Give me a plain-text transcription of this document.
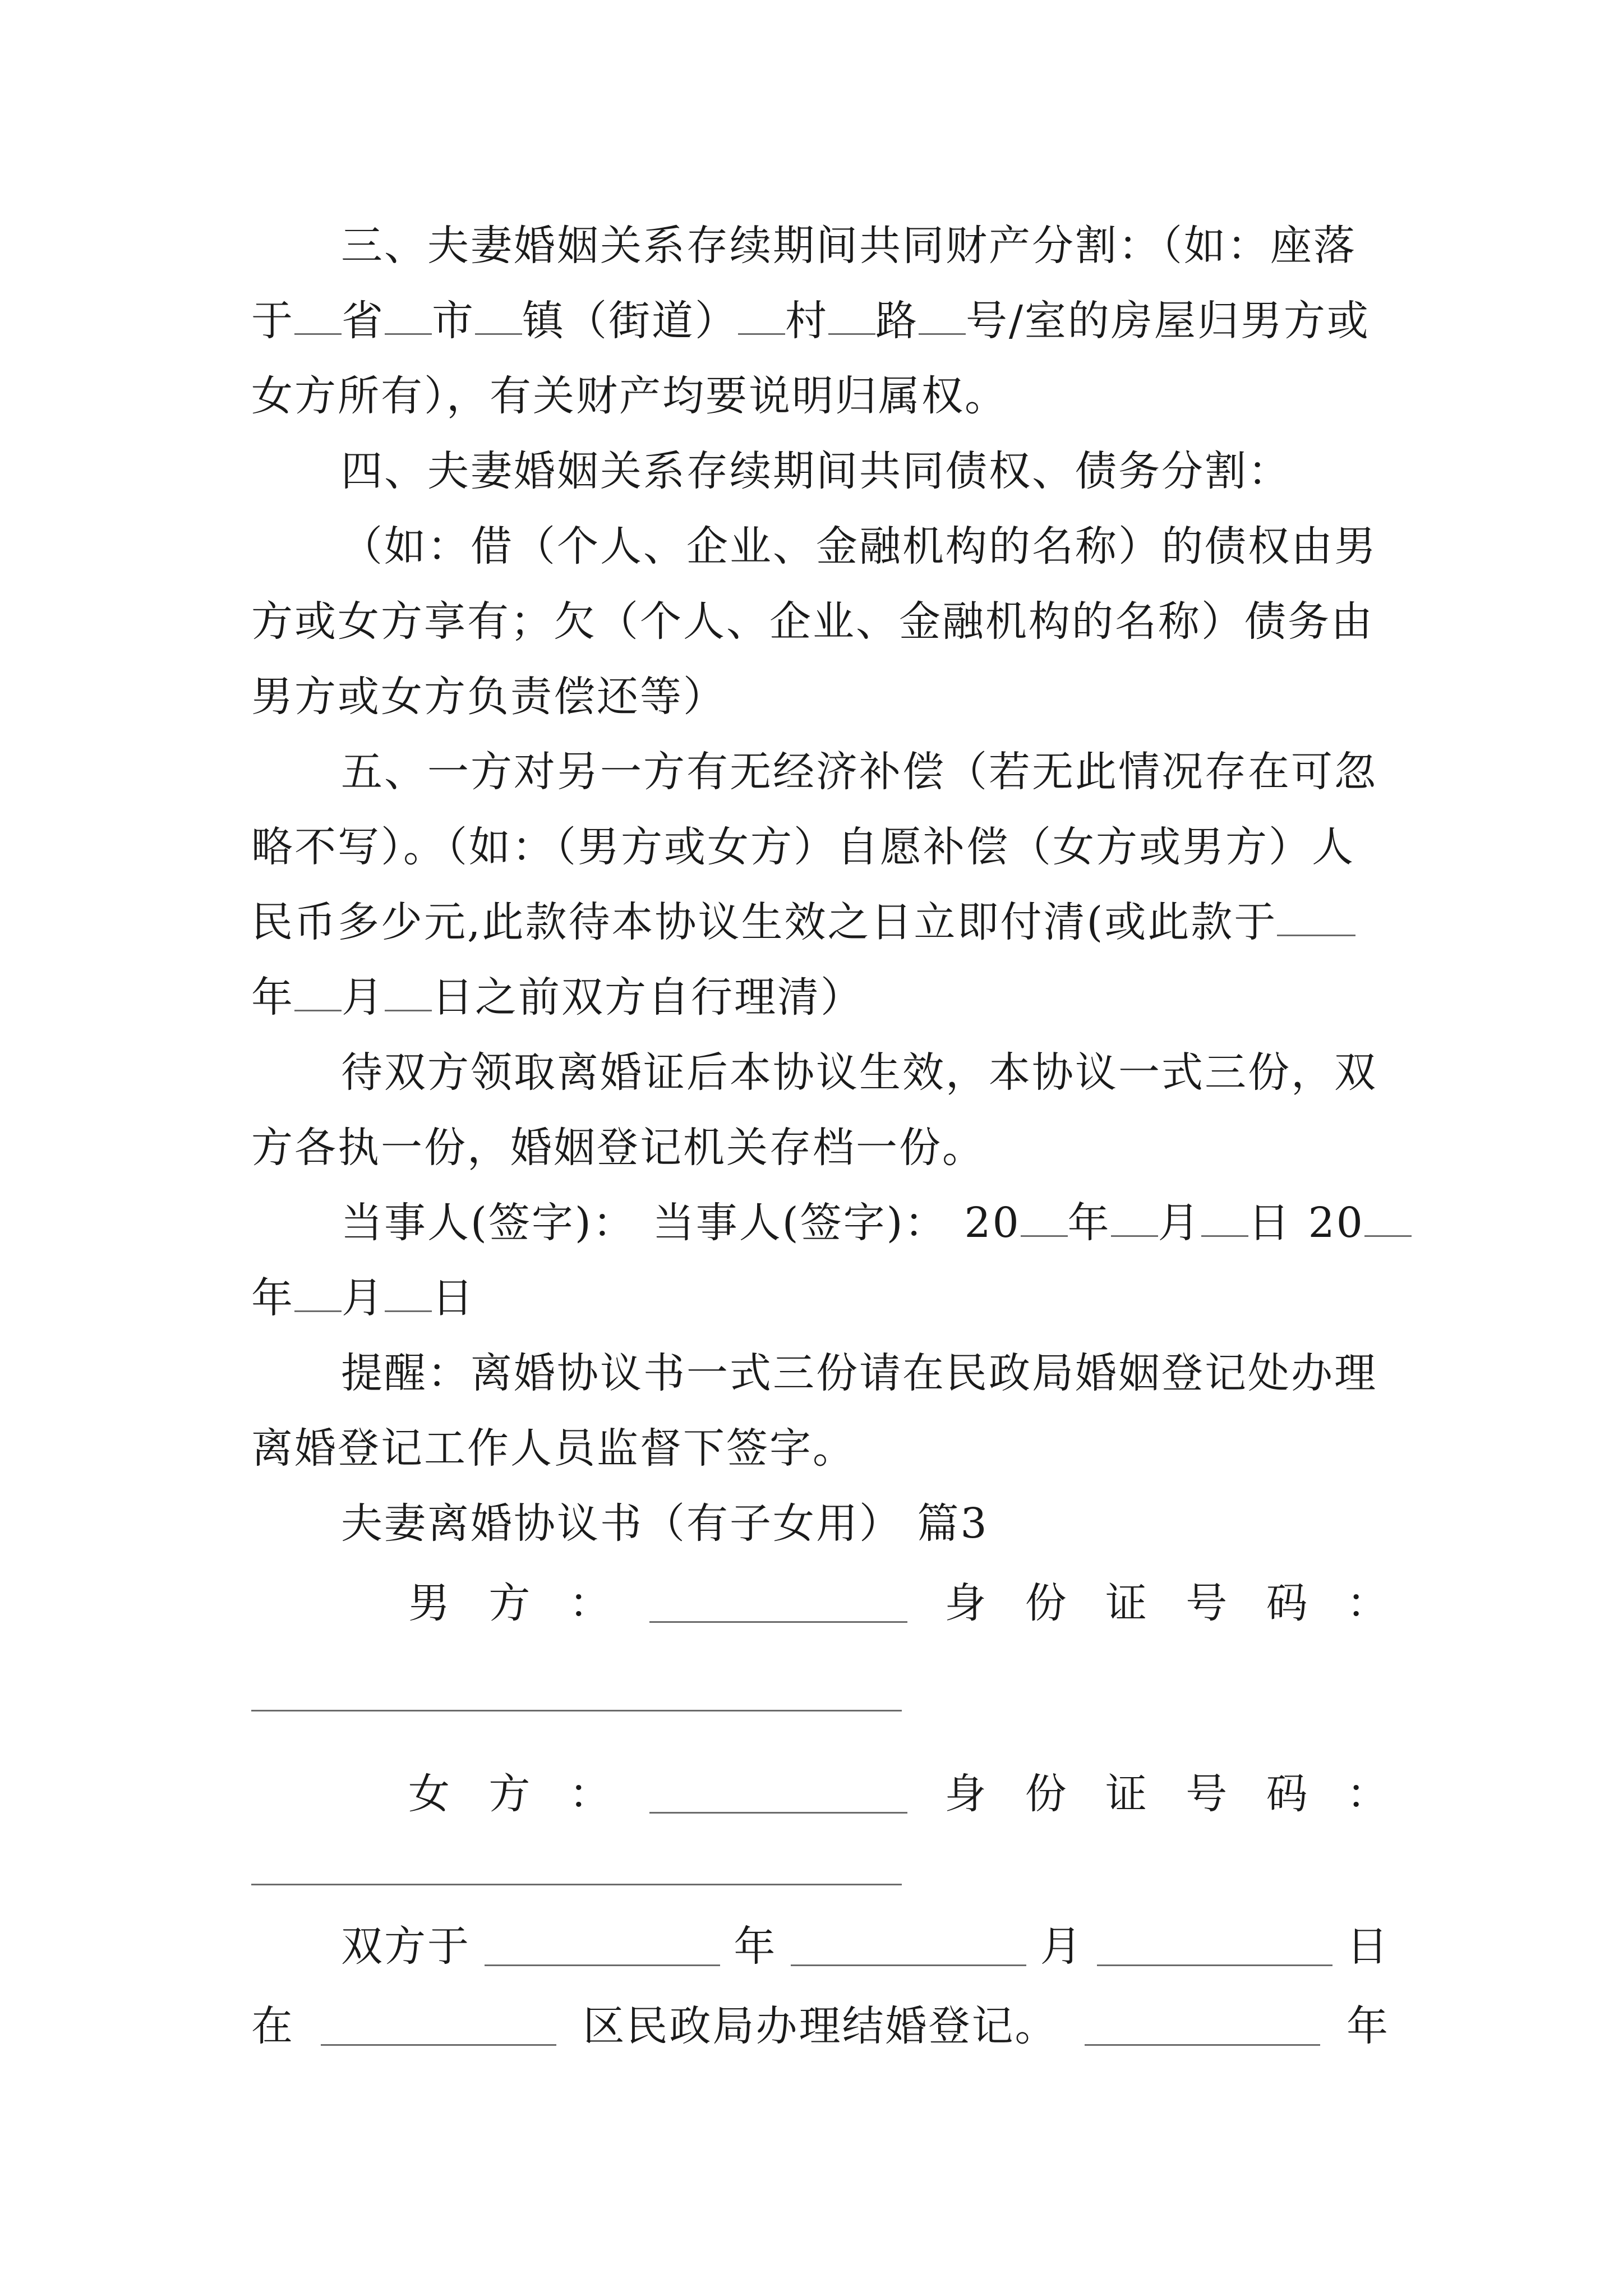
三、夫妻婚姻关系存续期间共同财产分割：（如：座落
于 省 市 镇（街道） 村 路 号/室的房屋归男方或
女方所有），有关财产均要说明归属权。
四、夫妻婚姻关系存续期间共同债权、债务分割：
（如：借（个人、企业、金融机构的名称）的债权由男
方或女方享有；欠（个人、企业、金融机构的名称）债务由
男方或女方负责偿还等）
五、一方对另一方有无经济补偿（若无此情况存在可忽
略不写）。（如：（男方或女方）自愿补偿（女方或男方）人
民币多少元,此款待本协议生效之日立即付清(或此款于
年 月 日之前双方自行理清）
待双方领取离婚证后本协议生效，本协议一式三份，双
方各执一份，婚姻登记机关存档一份。
当事人(签字)： 当事人(签字)： 20 年 月 日 20
年 月 日
提醒：离婚协议书一式三份请在民政局婚姻登记处办理
离婚登记工作人员监督下签字。
夫妻离婚协议书（有子女用） 篇3
男 方 ：	身 份 证 号 码 ：
女 方 ：	身 份 证 号 码 ：
双方于	年	月	日
在	区民政局办理结婚登记。	年
